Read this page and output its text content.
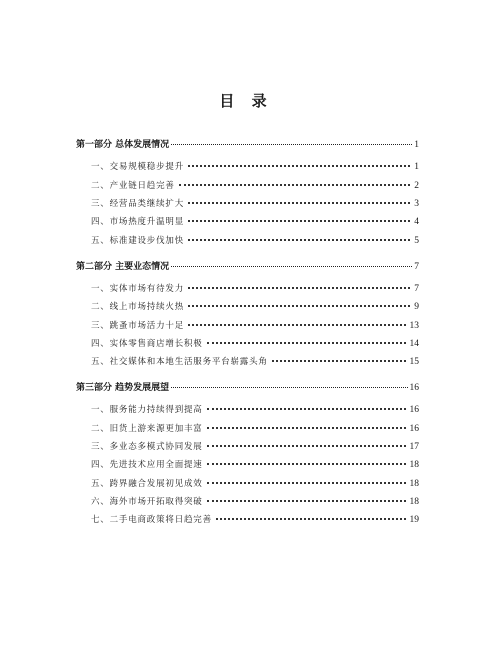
目 录
第一部分 总体发展情况	1
一、交易规模稳步提升	1
二、产业链日趋完善	2
三、经营品类继续扩大	3
四、市场热度升温明显	4
五、标准建设步伐加快	5
第二部分 主要业态情况	7
一、实体市场有待发力	7
二、线上市场持续火热	9
三、跳蚤市场活力十足	13
四、实体零售商店增长积极	14
五、社交媒体和本地生活服务平台崭露头角	15
第三部分 趋势发展展望	16
一、服务能力持续得到提高	16
二、旧货上游来源更加丰富	16
三、多业态多模式协同发展	17
四、先进技术应用全面提速	18
五、跨界融合发展初见成效	18
六、海外市场开拓取得突破	18
七、二手电商政策将日趋完善	19
